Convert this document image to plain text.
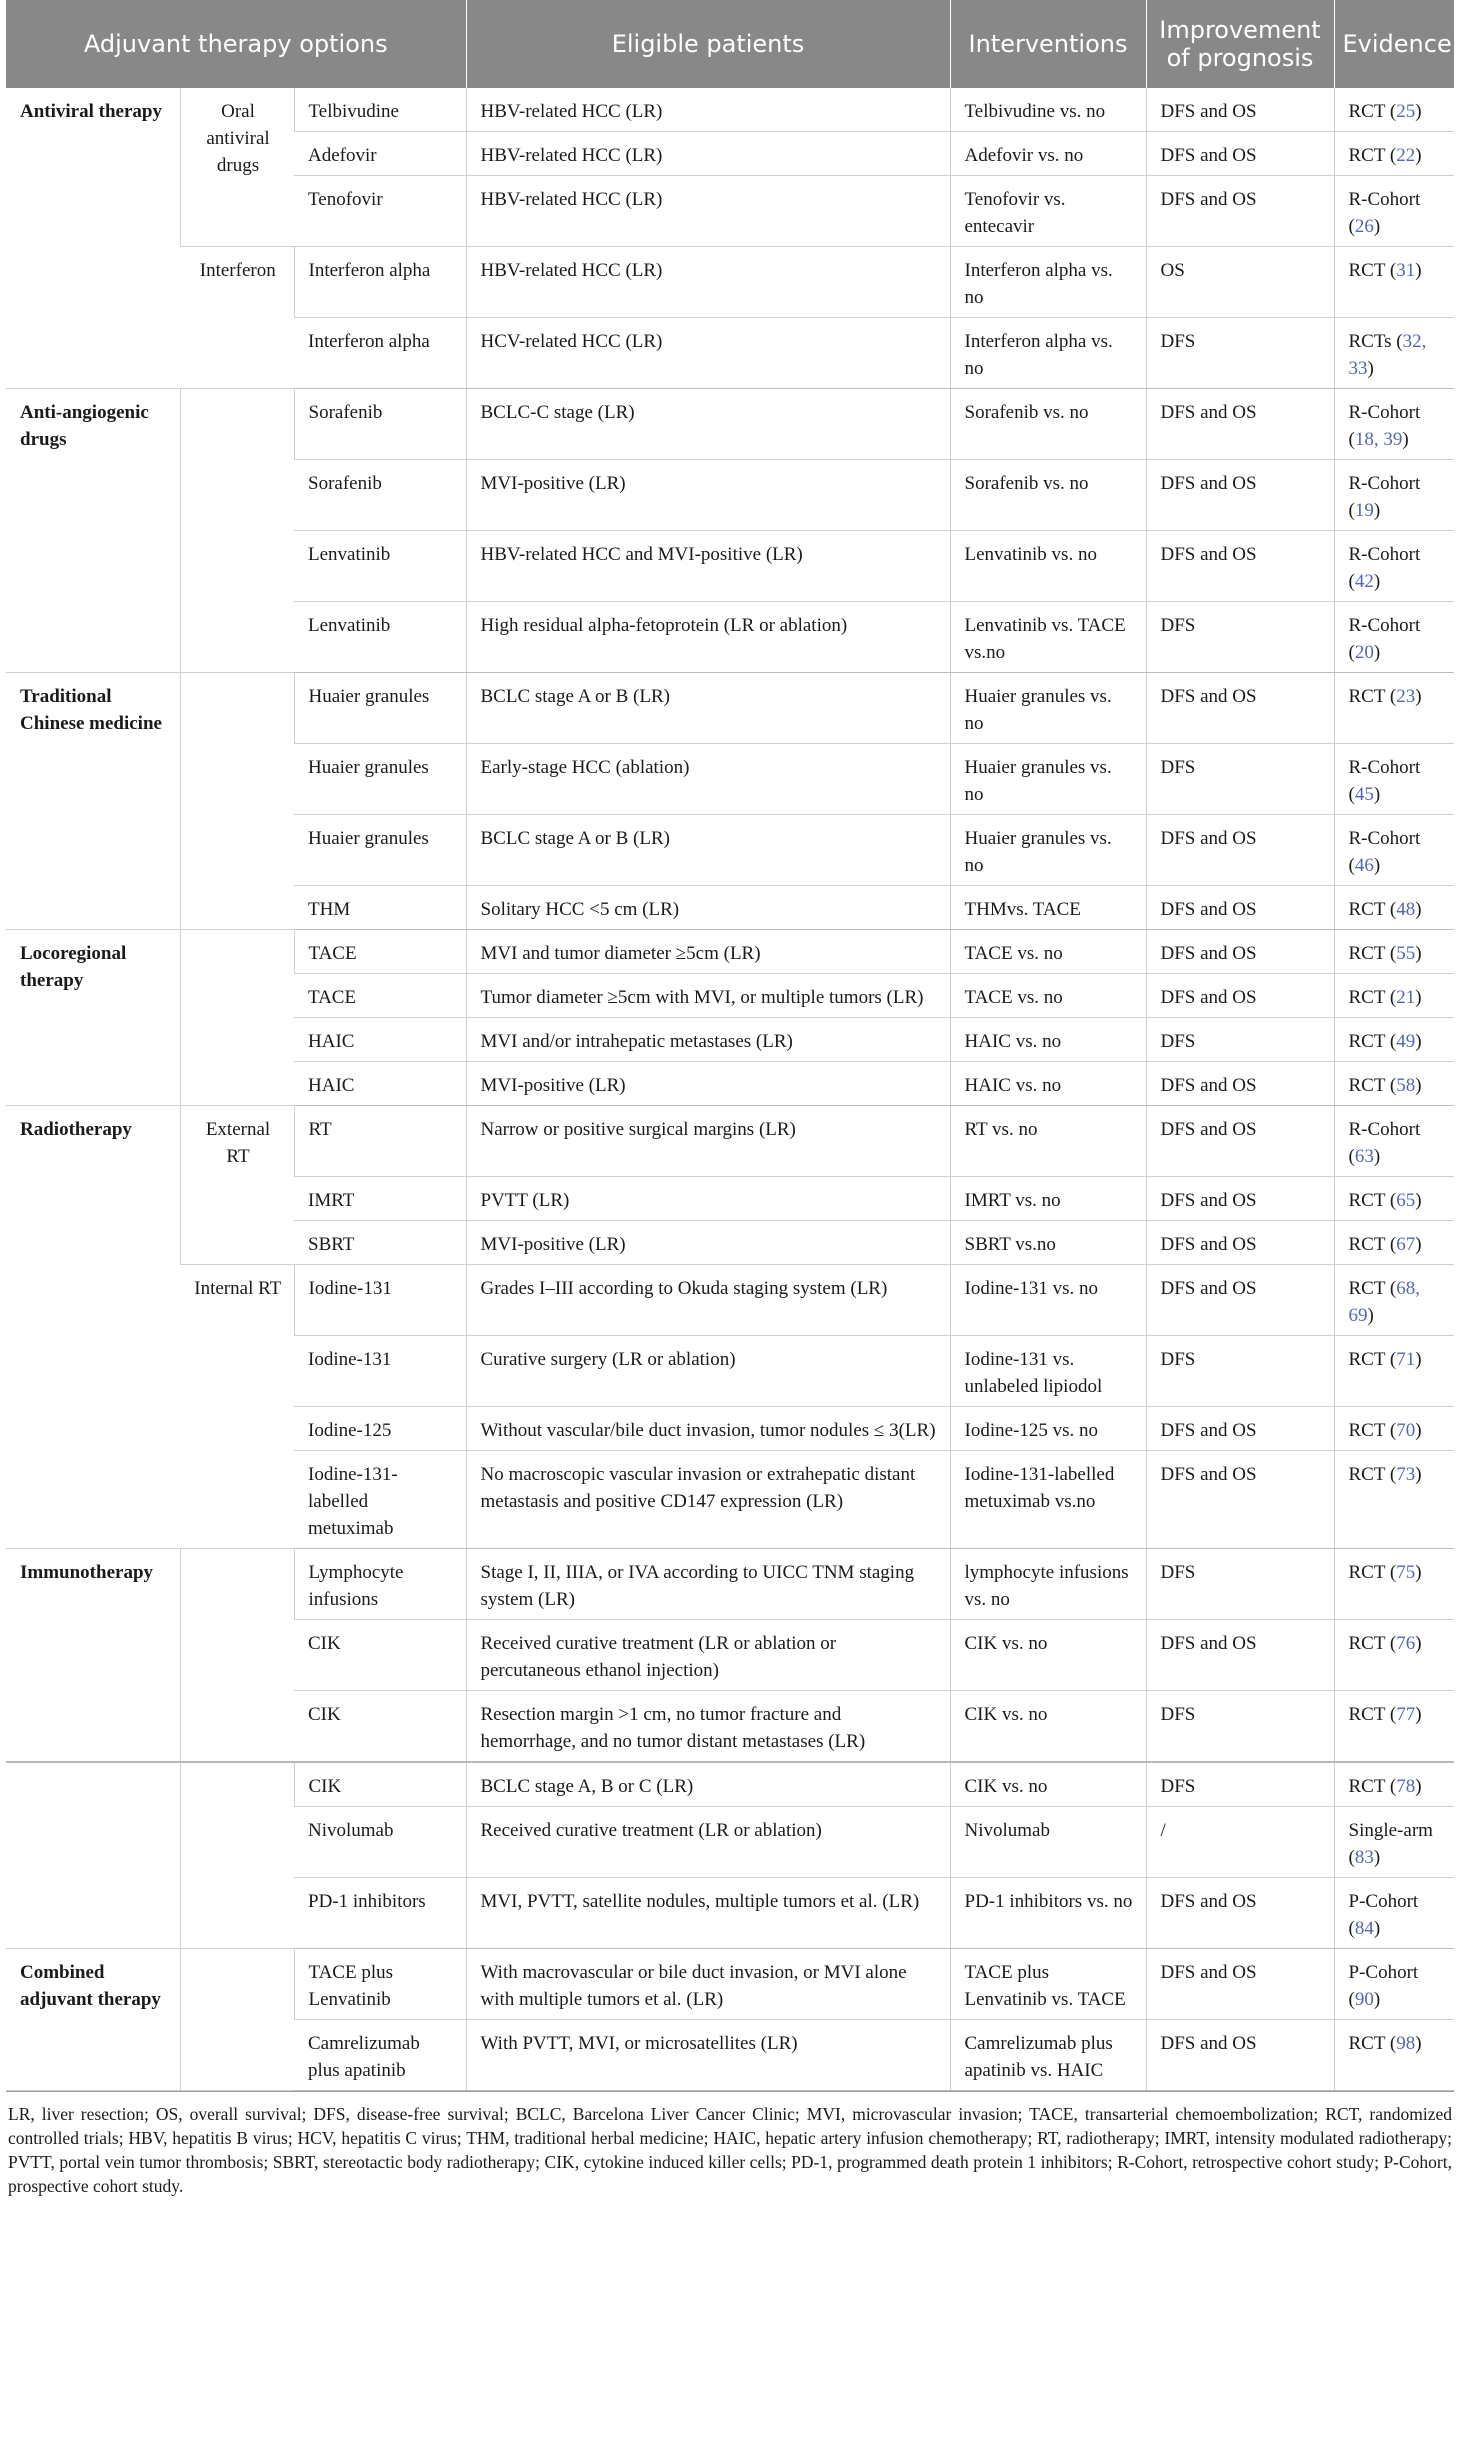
Adjuvant therapy options			Eligible patients	Interventions	Improvement of prognosis	Evidence
Antiviral therapy	Oral antiviral drugs	Telbivudine	HBV-related HCC (LR)	Telbivudine vs. no	DFS and OS	RCT (25)
		Adefovir	HBV-related HCC (LR)	Adefovir vs. no	DFS and OS	RCT (22)
		Tenofovir	HBV-related HCC (LR)	Tenofovir vs. entecavir	DFS and OS	R-Cohort (26)
	Interferon	Interferon alpha	HBV-related HCC (LR)	Interferon alpha vs. no	OS	RCT (31)
		Interferon alpha	HCV-related HCC (LR)	Interferon alpha vs. no	DFS	RCTs (32, 33)
Anti-angiogenic drugs		Sorafenib	BCLC-C stage (LR)	Sorafenib vs. no	DFS and OS	R-Cohort (18, 39)
		Sorafenib	MVI-positive (LR)	Sorafenib vs. no	DFS and OS	R-Cohort (19)
		Lenvatinib	HBV-related HCC and MVI-positive (LR)	Lenvatinib vs. no	DFS and OS	R-Cohort (42)
		Lenvatinib	High residual alpha-fetoprotein (LR or ablation)	Lenvatinib vs. TACE vs.no	DFS	R-Cohort (20)
Traditional Chinese medicine		Huaier granules	BCLC stage A or B (LR)	Huaier granules vs. no	DFS and OS	RCT (23)
		Huaier granules	Early-stage HCC (ablation)	Huaier granules vs. no	DFS	R-Cohort (45)
		Huaier granules	BCLC stage A or B (LR)	Huaier granules vs. no	DFS and OS	R-Cohort (46)
		THM	Solitary HCC <5 cm (LR)	THMvs. TACE	DFS and OS	RCT (48)
Locoregional therapy		TACE	MVI and tumor diameter ≥5cm (LR)	TACE vs. no	DFS and OS	RCT (55)
		TACE	Tumor diameter ≥5cm with MVI, or multiple tumors (LR)	TACE vs. no	DFS and OS	RCT (21)
		HAIC	MVI and/or intrahepatic metastases (LR)	HAIC vs. no	DFS	RCT (49)
		HAIC	MVI-positive (LR)	HAIC vs. no	DFS and OS	RCT (58)
Radiotherapy	External RT	RT	Narrow or positive surgical margins (LR)	RT vs. no	DFS and OS	R-Cohort (63)
		IMRT	PVTT (LR)	IMRT vs. no	DFS and OS	RCT (65)
		SBRT	MVI-positive (LR)	SBRT vs.no	DFS and OS	RCT (67)
	Internal RT	Iodine-131	Grades I–III according to Okuda staging system (LR)	Iodine-131 vs. no	DFS and OS	RCT (68, 69)
		Iodine-131	Curative surgery (LR or ablation)	Iodine-131 vs. unlabeled lipiodol	DFS	RCT (71)
		Iodine-125	Without vascular/bile duct invasion, tumor nodules ≤ 3(LR)	Iodine-125 vs. no	DFS and OS	RCT (70)
		Iodine-131-labelled metuximab	No macroscopic vascular invasion or extrahepatic distant metastasis and positive CD147 expression (LR)	Iodine-131-labelled metuximab vs.no	DFS and OS	RCT (73)
Immunotherapy		Lymphocyte infusions	Stage I, II, IIIA, or IVA according to UICC TNM staging system (LR)	lymphocyte infusions vs. no	DFS	RCT (75)
		CIK	Received curative treatment (LR or ablation or percutaneous ethanol injection)	CIK vs. no	DFS and OS	RCT (76)
		CIK	Resection margin >1 cm, no tumor fracture and hemorrhage, and no tumor distant metastases (LR)	CIK vs. no	DFS	RCT (77)
		CIK	BCLC stage A, B or C (LR)	CIK vs. no	DFS	RCT (78)
		Nivolumab	Received curative treatment (LR or ablation)	Nivolumab	/	Single-arm (83)
		PD-1 inhibitors	MVI, PVTT, satellite nodules, multiple tumors et al. (LR)	PD-1 inhibitors vs. no	DFS and OS	P-Cohort (84)
Combined adjuvant therapy		TACE plus Lenvatinib	With macrovascular or bile duct invasion, or MVI alone with multiple tumors et al. (LR)	TACE plus Lenvatinib vs. TACE	DFS and OS	P-Cohort (90)
		Camrelizumab plus apatinib	With PVTT, MVI, or microsatellites (LR)	Camrelizumab plus apatinib vs. HAIC	DFS and OS	RCT (98)
LR, liver resection; OS, overall survival; DFS, disease-free survival; BCLC, Barcelona Liver Cancer Clinic; MVI, microvascular invasion; TACE, transarterial chemoembolization; RCT, randomized controlled trials; HBV, hepatitis B virus; HCV, hepatitis C virus; THM, traditional herbal medicine; HAIC, hepatic artery infusion chemotherapy; RT, radiotherapy; IMRT, intensity modulated radiotherapy; PVTT, portal vein tumor thrombosis; SBRT, stereotactic body radiotherapy; CIK, cytokine induced killer cells; PD-1, programmed death protein 1 inhibitors; R-Cohort, retrospective cohort study; P-Cohort, prospective cohort study.
